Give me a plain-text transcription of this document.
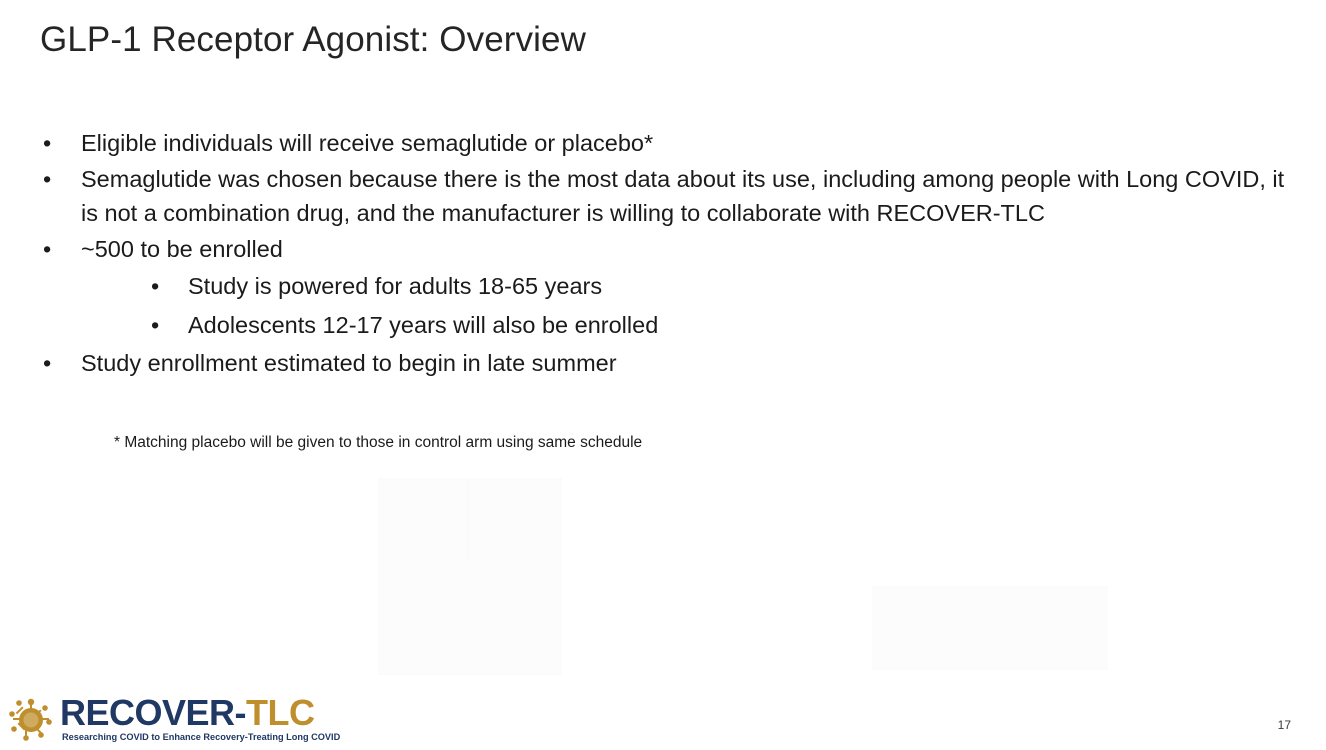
GLP-1 Receptor Agonist: Overview
• Eligible individuals will receive semaglutide or placebo*
• Semaglutide was chosen because there is the most data about its use, including among people with Long COVID, it is not a combination drug, and the manufacturer is willing to collaborate with RECOVER-TLC
• ~500 to be enrolled
• Study is powered for adults 18-65 years
• Adolescents 12-17 years will also be enrolled
• Study enrollment estimated to begin in late summer
* Matching placebo will be given to those in control arm using same schedule
RECOVER-TLC
Researching COVID to Enhance Recovery-Treating Long COVID
17
